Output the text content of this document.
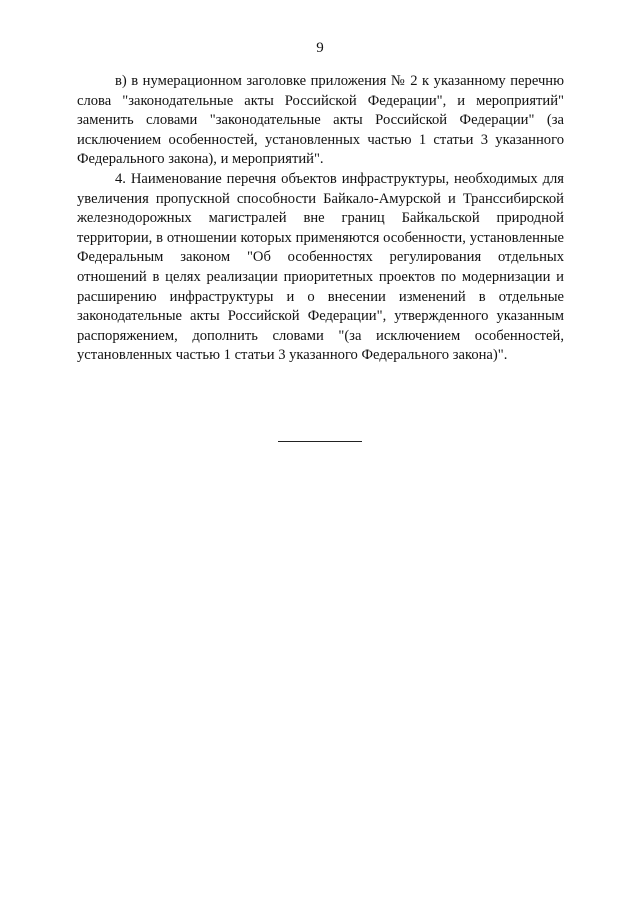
9

в) в нумерационном заголовке приложения № 2 к указанному перечню слова "законодательные акты Российской Федерации", и мероприятий" заменить словами "законодательные акты Российской Федерации" (за исключением особенностей, установленных частью 1 статьи 3 указанного Федерального закона), и мероприятий".

4. Наименование перечня объектов инфраструктуры, необходимых для увеличения пропускной способности Байкало-Амурской и Транссибирской железнодорожных магистралей вне границ Байкальской природной территории, в отношении которых применяются особенности, установленные Федеральным законом "Об особенностях регулирования отдельных отношений в целях реализации приоритетных проектов по модернизации и расширению инфраструктуры и о внесении изменений в отдельные законодательные акты Российской Федерации", утвержденного указанным распоряжением, дополнить словами "(за исключением особенностей, установленных частью 1 статьи 3 указанного Федерального закона)".
